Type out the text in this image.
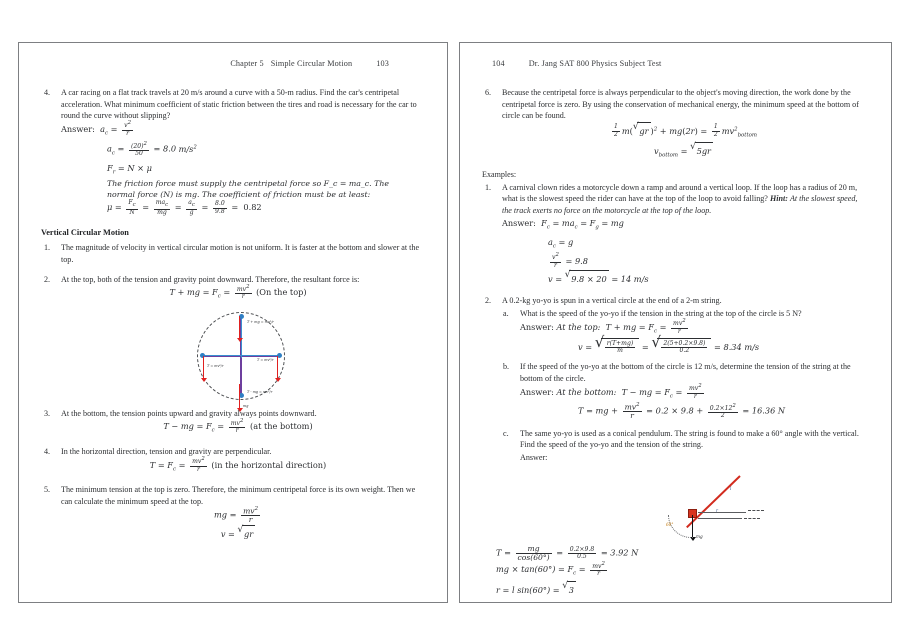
Chapter 5 Simple Circular Motion	103
4.	A car racing on a flat track travels at 20 m/s around a curve with a 50-m radius. Find the car's centripetal acceleration. What minimum coefficient of static friction between the tires and road is necessary for the car to round the curve without slipping?

Answer:  $a_c = \frac{v^2}{r}$
$a_c = \frac{(20)^2}{50} = 8.0$ $m/s^2$
$F_r = N \times \mu$
The friction force must supply the centripetal force so F_c = ma_c. The normal force (N) is mg. The coefficient of friction must be at least:
$\mu = \frac{F_c}{N} = \frac{ma_c}{mg} = \frac{a_c}{g} = \frac{8.0}{9.8} = 0.82$
Vertical Circular Motion
1.	The magnitude of velocity in vertical circular motion is not uniform. It is faster at the bottom and slower at the top.

2.	At the top, both of the tension and gravity point downward. Therefore, the resultant force is:

T + mg = $F_c = \frac{mv^2}{r} (On$ the top)
T + mg = mv²/r
T - mg = mv²/r
T = mv²/r
T = mv²/r
mg
3.	At the bottom, the tension points upward and gravity always points downward.

T − mg = $F_c = \frac{mv^2}{r} (at$ the bottom)
4.	In the horizontal direction, tension and gravity are perpendicular.

$T = F_c = \frac{mv^2}{r} (in$ the horizontal direction)
5.	The minimum tension at the top is zero. Therefore, the minimum centripetal force is its own weight. Then we can calculate the minimum speed at the top.

mg = $\frac{mv^2}{r}$
v = √ gr
104	Dr. Jang SAT 800 Physics Subject Test
6.	Because the centripetal force is always perpendicular to the object's moving direction, the work done by the centripetal force is zero. By using the conservation of mechanical energy, the minimum speed at the bottom of circle can be found.

$\frac{1}{2} m$( √ gr )$^2 + mg(2r) = \frac{1}{2} mv^2_{bottom}$
$v_{bottom}$ = √ 5gr
Examples:
1.	A carnival clown rides a motorcycle down a ramp and around a vertical loop. If the loop has a radius of 20 m, what is the slowest speed the rider can have at the top of the loop to avoid falling? Hint: At the slowest speed, the track exerts no force on the motorcycle at the top of the loop.

Answer:  $F_c = ma_c = F_g$ = mg
$a_c = g$
$\frac{v^2}{r} = 9.8$
v = √ 9.8 × 20 = 14 m/s
2.	A 0.2-kg yo-yo is spun in a vertical circle at the end of a 2-m string.

a.	What is the speed of the yo-yo if the tension in the string at the top of the circle is 5 N?

Answer: At the top:  T + mg = $F_c = \frac{mv^2}{r}$
v = √ $\frac{r(T+mg)}{m}$ = √ $\frac{2(5+0.2\times 9.8)}{0.2} = 8.34$ m/s
b.	If the speed of the yo-yo at the bottom of the circle is 12 m/s, determine the tension of the string at the bottom of the circle.

Answer: At the bottom:  T − mg = $F_c = \frac{mv^2}{r}$
T = mg + $\frac{mv^2}{r} = 0.2 \times 9.8 + \frac{0.2\times 12^2}{2} = 16.36$ N
c.	The same yo-yo is used as a conical pendulum. The string is found to make a 60° angle with the vertical. Find the speed of the yo-yo and the tension of the string.

Answer:
l
r
60°
mg
$T = \frac{mg}{\cos(60^\circ)} = \frac{0.2\times 9.8}{0.5} = 3.92$ N
mg × $\tan(60^\circ) = F_c = \frac{mv^2}{r}$
r = l sin(60°) = √ 3
